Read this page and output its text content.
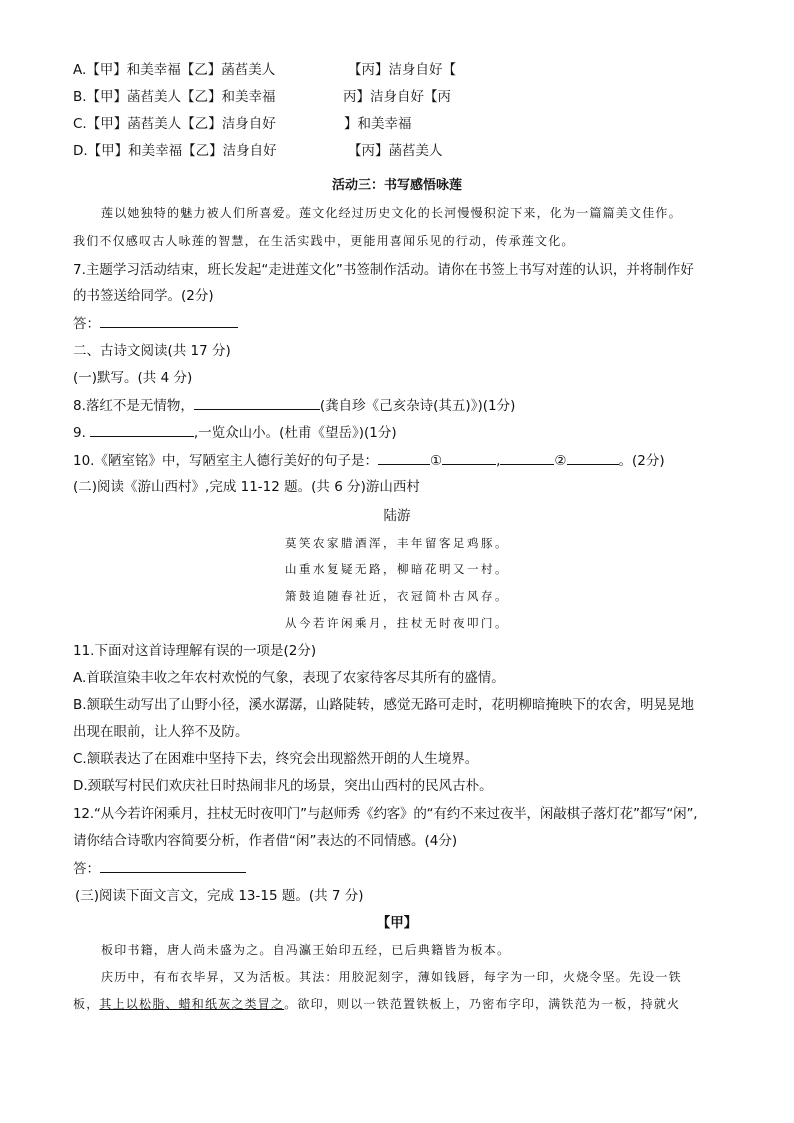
A.【甲】和美幸福【乙】菡萏美人	【丙】洁身自好【
B.【甲】菡萏美人【乙】和美幸福	丙】洁身自好【丙
C.【甲】菡萏美人【乙】洁身自好	】和美幸福
D.【甲】和美幸福【乙】洁身自好	【丙】菡萏美人
活动三：书写感悟咏莲
莲以她独特的魅力被人们所喜爱。莲文化经过历史文化的长河慢慢积淀下来，化为一篇篇美文佳作。
我们不仅感叹古人咏莲的智慧，在生活实践中，更能用喜闻乐见的行动，传承莲文化。
7.主题学习活动结束，班长发起“走进莲文化”书签制作活动。请你在书签上书写对莲的认识，并将制作好
的书签送给同学。(2分)
答：
二、古诗文阅读(共 17 分)
(一)默写。(共 4 分)
8.落红不是无情物，	(龚自珍《己亥杂诗(其五)》)(1分)
9.	,一览众山小。(杜甫《望岳》)(1分)
10.《陋室铭》中，写陋室主人德行美好的句子是：	①	,	②	。(2分)
(二)阅读《游山西村》,完成 11-12 题。(共 6 分)游山西村
陆游
莫笑农家腊酒浑，丰年留客足鸡豚。
山重水复疑无路，柳暗花明又一村。
箫鼓追随春社近，衣冠简朴古风存。
从今若许闲乘月，拄杖无时夜叩门。
11.下面对这首诗理解有误的一项是(2分)
A.首联渲染丰收之年农村欢悦的气象，表现了农家待客尽其所有的盛情。
B.颔联生动写出了山野小径，溪水潺潺，山路陡转，感觉无路可走时，花明柳暗掩映下的农舍，明晃晃地
出现在眼前，让人猝不及防。
C.颔联表达了在困难中坚持下去，终究会出现豁然开朗的人生境界。
D.颈联写村民们欢庆社日时热闹非凡的场景，突出山西村的民风古朴。
12.“从今若许闲乘月，拄杖无时夜叩门”与赵师秀《约客》的“有约不来过夜半，闲敲棋子落灯花”都写“闲”,
请你结合诗歌内容简要分析，作者借“闲”表达的不同情感。(4分)
答：
(三)阅读下面文言文，完成 13-15 题。(共 7 分)
【甲】
板印书籍，唐人尚未盛为之。自冯瀛王始印五经，已后典籍皆为板本。
庆历中，有布衣毕昇，又为活板。其法：用胶泥刻字，薄如钱唇，每字为一印，火烧令坚。先设一铁
板，其上以松脂、蜡和纸灰之类冒之。欲印，则以一铁范置铁板上，乃密布字印，满铁范为一板，持就火
